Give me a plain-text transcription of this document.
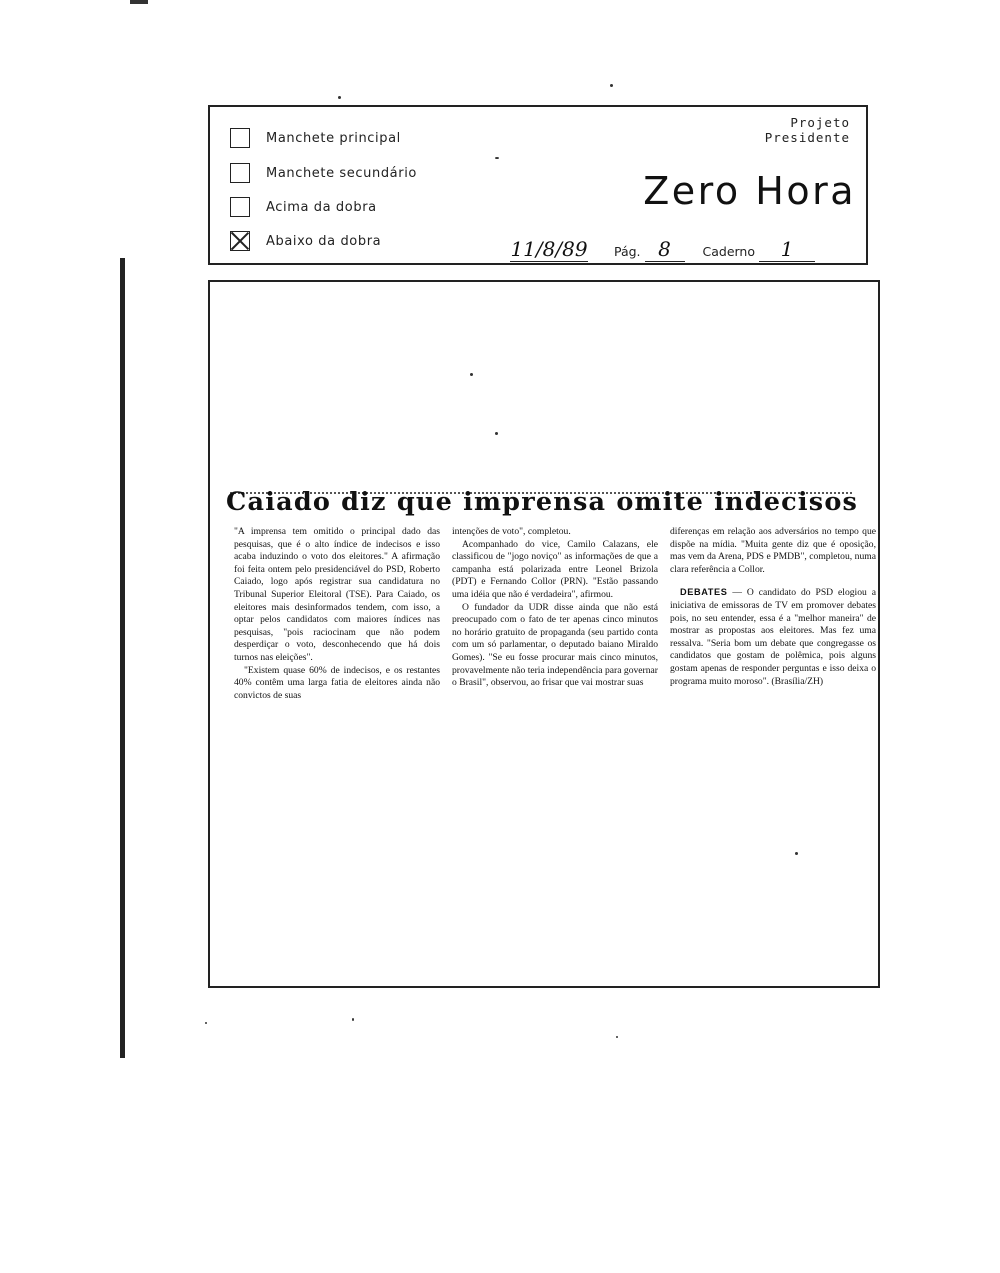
Manchete principal
Manchete secundário
Acima da dobra
Abaixo da dobra
Projeto
Presidente
Zero Hora
11/8/89 Pág. 8	Caderno 1
Caiado diz que imprensa omite indecisos

"A imprensa tem omitido o principal dado das pesquisas, que é o alto índice de indecisos e isso acaba induzindo o voto dos eleitores." A afirmação foi feita ontem pelo presidenciável do PSD, Roberto Caiado, logo após registrar sua candidatura no Tribunal Superior Eleitoral (TSE). Para Caiado, os eleitores mais desinformados tendem, com isso, a optar pelos candidatos com maiores índices nas pesquisas, "pois raciocinam que não podem desperdiçar o voto, desconhecendo que há dois turnos nas eleições".

"Existem quase 60% de indecisos, e os restantes 40% contêm uma larga fatia de eleitores ainda não convictos de suas

intenções de voto", completou.

Acompanhado do vice, Camilo Calazans, ele classificou de "jogo noviço" as informações de que a campanha está polarizada entre Leonel Brizola (PDT) e Fernando Collor (PRN). "Estão passando uma idéia que não é verdadeira", afirmou.

O fundador da UDR disse ainda que não está preocupado com o fato de ter apenas cinco minutos no horário gratuito de propaganda (seu partido conta com um só parlamentar, o deputado baiano Miraldo Gomes). "Se eu fosse procurar mais cinco minutos, provavelmente não teria independência para governar o Brasil", observou, ao frisar que vai mostrar suas

diferenças em relação aos adversários no tempo que dispõe na mídia. "Muita gente diz que é oposição, mas vem da Arena, PDS e PMDB", completou, numa clara referência a Collor.

DEBATES — O candidato do PSD elogiou a iniciativa de emissoras de TV em promover debates pois, no seu entender, essa é a "melhor maneira" de mostrar as propostas aos eleitores. Mas fez uma ressalva. "Seria bom um debate que congregasse os candidatos que gostam de polêmica, pois alguns gostam apenas de responder perguntas e isso deixa o programa muito moroso". (Brasília/ZH)
